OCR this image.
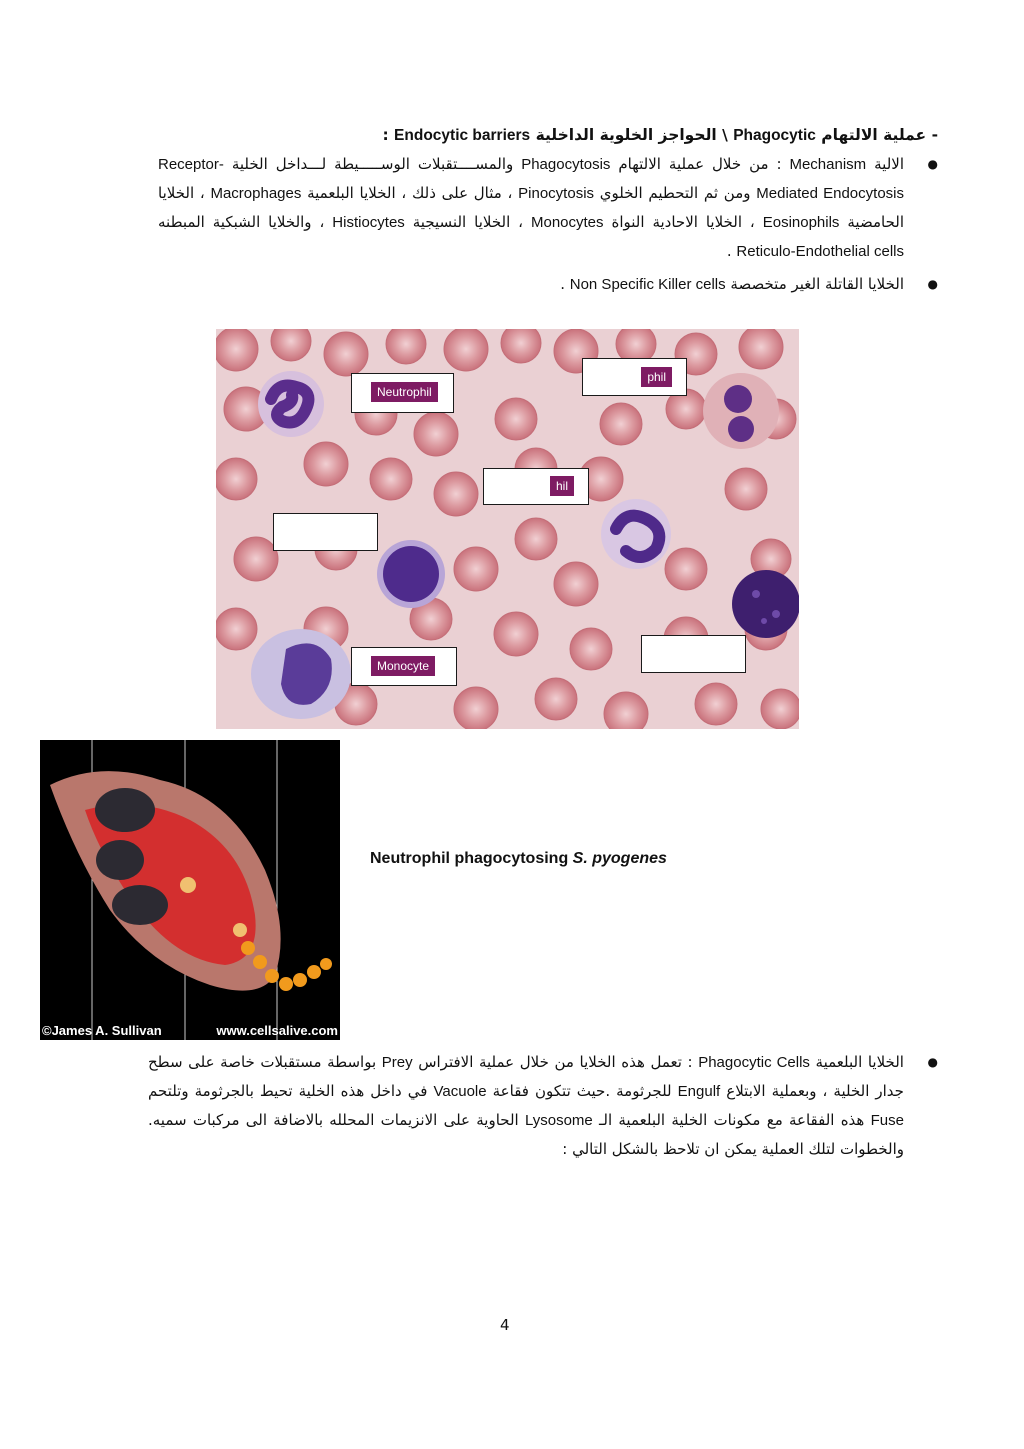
- عملية الالتهام Phagocytic \ الحواجز الخلوية الداخلية Endocytic barriers :
●
الالية Mechanism : من خلال عملية الالتهام Phagocytosis والمســــتقبلات الوســـــيطة لـــداخل الخلية Receptor-Mediated Endocytosis ومن ثم التحطيم الخلوي Pinocytosis ، مثال على ذلك ، الخلايا البلعمية Macrophages ، الخلايا الحامضية Eosinophils ، الخلايا الاحادية النواة Monocytes ، الخلايا النسيجية Histiocytes ، والخلايا الشبكية المبطنه Reticulo-Endothelial cells .
●
الخلايا القاتلة الغير متخصصة Non Specific Killer cells .
Neutrophil
phil
hil
Monocyte
©James A. Sullivan	www.cellsalive.com
Neutrophil phagocytosing S. pyogenes
●
الخلايا البلعمية Phagocytic Cells : تعمل هذه الخلايا من خلال عملية الافتراس Prey بواسطة مستقبلات خاصة على سطح جدار الخلية ، وبعملية الابتلاع Engulf للجرثومة .حيث تتكون فقاعة Vacuole في داخل هذه الخلية تحيط بالجرثومة وتلتحم Fuse هذه الفقاعة مع مكونات الخلية البلعمية الـ Lysosome الحاوية على الانزيمات المحلله بالاضافة الى مركبات سميه. والخطوات لتلك العملية يمكن ان تلاحظ بالشكل التالي :
4
